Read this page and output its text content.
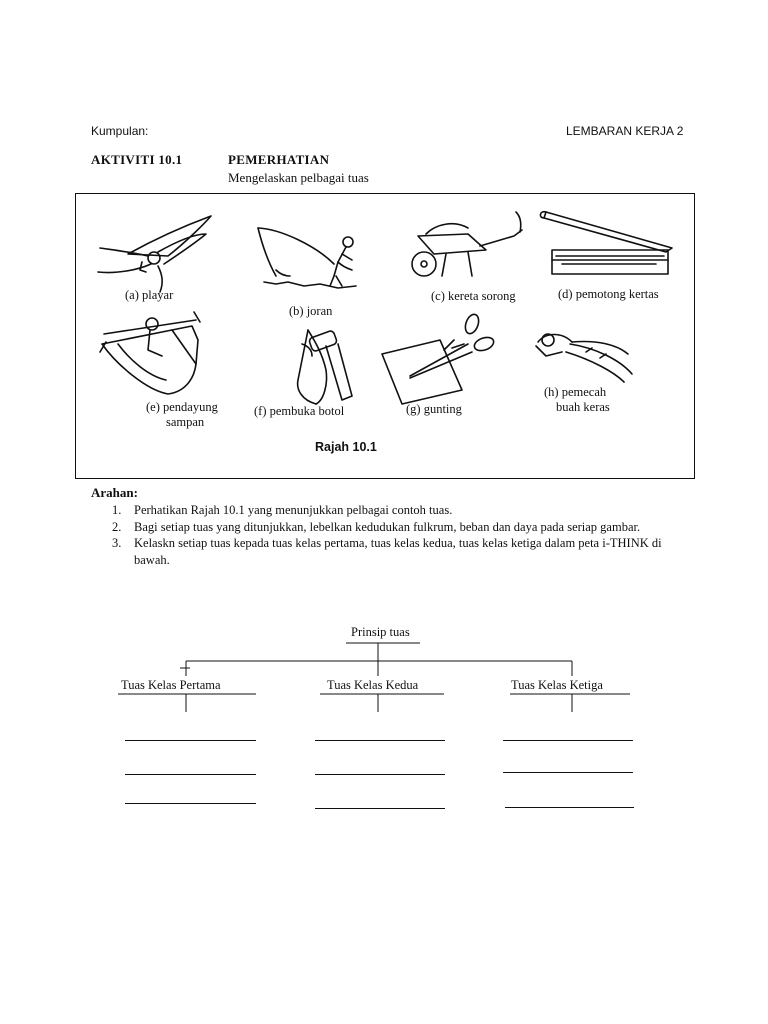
Kumpulan:	LEMBARAN KERJA 2
AKTIVITI 10.1	PEMERHATIAN
Mengelaskan pelbagai tuas
(a) playar
(b) joran
(c) kereta sorong	(d) pemotong kertas
(e) pendayung
sampan
(f) pembuka botol	(g) gunting
(h) pemecah
buah keras
Rajah 10.1
Arahan:
1.	Perhatikan Rajah 10.1 yang menunjukkan pelbagai contoh tuas.
2.	Bagi setiap tuas yang ditunjukkan, lebelkan kedudukan fulkrum, beban dan daya pada seriap gambar.
3.	Kelaskn setiap tuas kepada tuas kelas pertama, tuas kelas kedua, tuas kelas ketiga dalam peta i-THINK di bawah.
Prinsip tuas
Tuas Kelas Pertama	Tuas Kelas Kedua	Tuas Kelas Ketiga
